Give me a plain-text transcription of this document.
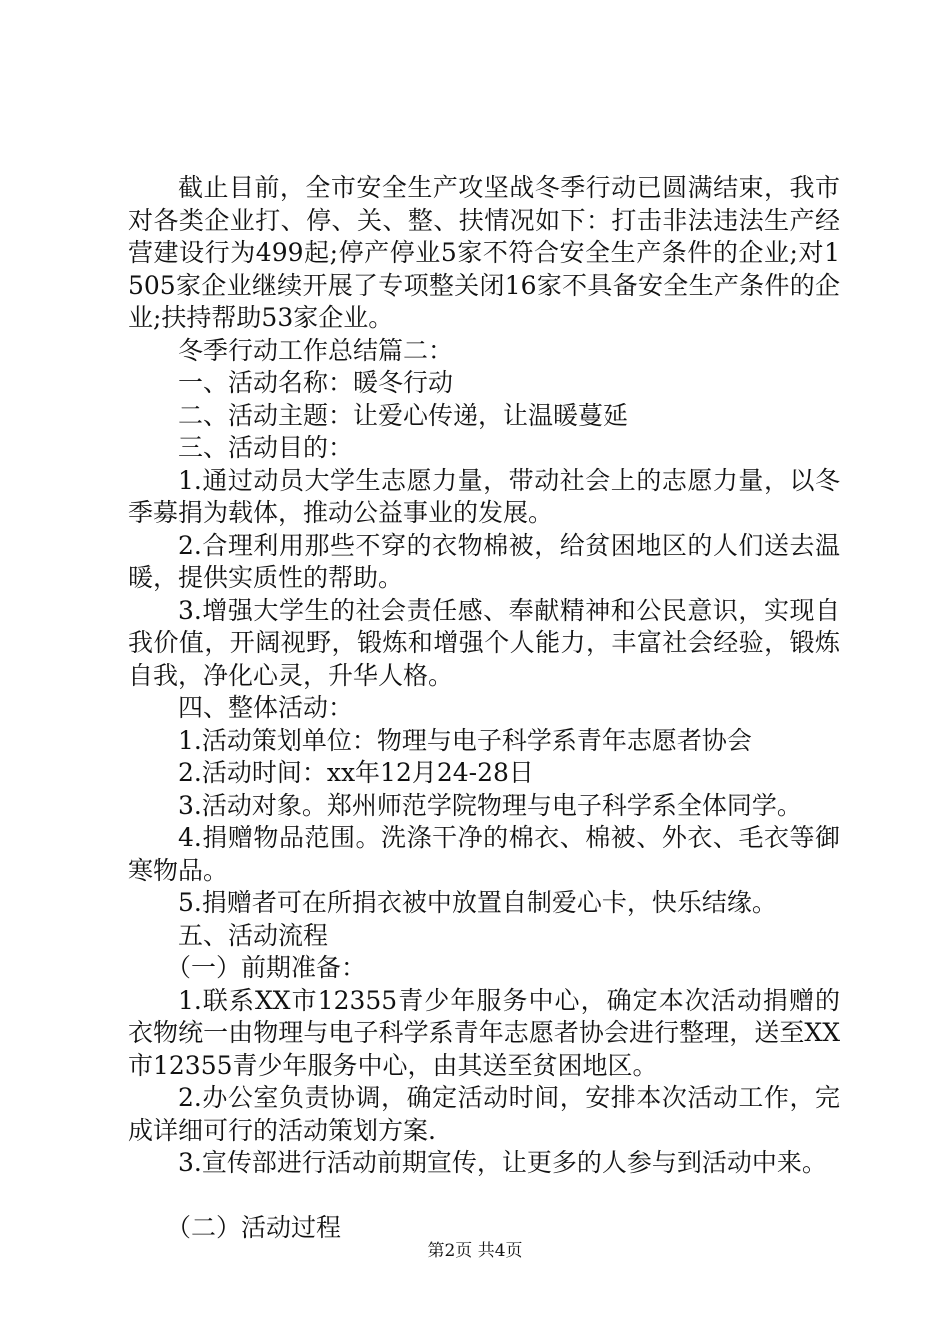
截止目前，全市安全生产攻坚战冬季行动已圆满结束，我市对各类企业打、停、关、整、扶情况如下：打击非法违法生产经营建设行为499起;停产停业5家不符合安全生产条件的企业;对1505家企业继续开展了专项整关闭16家不具备安全生产条件的企业;扶持帮助53家企业。

冬季行动工作总结篇二：

一、活动名称：暖冬行动

二、活动主题：让爱心传递，让温暖蔓延

三、活动目的：

1.通过动员大学生志愿力量，带动社会上的志愿力量，以冬季募捐为载体，推动公益事业的发展。

2.合理利用那些不穿的衣物棉被，给贫困地区的人们送去温暖，提供实质性的帮助。

3.增强大学生的社会责任感、奉献精神和公民意识，实现自我价值，开阔视野，锻炼和增强个人能力，丰富社会经验，锻炼自我，净化心灵，升华人格。

四、整体活动：

1.活动策划单位：物理与电子科学系青年志愿者协会

2.活动时间：xx年12月24-28日

3.活动对象。郑州师范学院物理与电子科学系全体同学。

4.捐赠物品范围。洗涤干净的棉衣、棉被、外衣、毛衣等御寒物品。

5.捐赠者可在所捐衣被中放置自制爱心卡，快乐结缘。

五、活动流程

（一）前期准备：

1.联系XX市12355青少年服务中心，确定本次活动捐赠的衣物统一由物理与电子科学系青年志愿者协会进行整理，送至XX市12355青少年服务中心，由其送至贫困地区。

2.办公室负责协调，确定活动时间，安排本次活动工作，完成详细可行的活动策划方案.

3.宣传部进行活动前期宣传，让更多的人参与到活动中来。

（二）活动过程

第2页 共4页
